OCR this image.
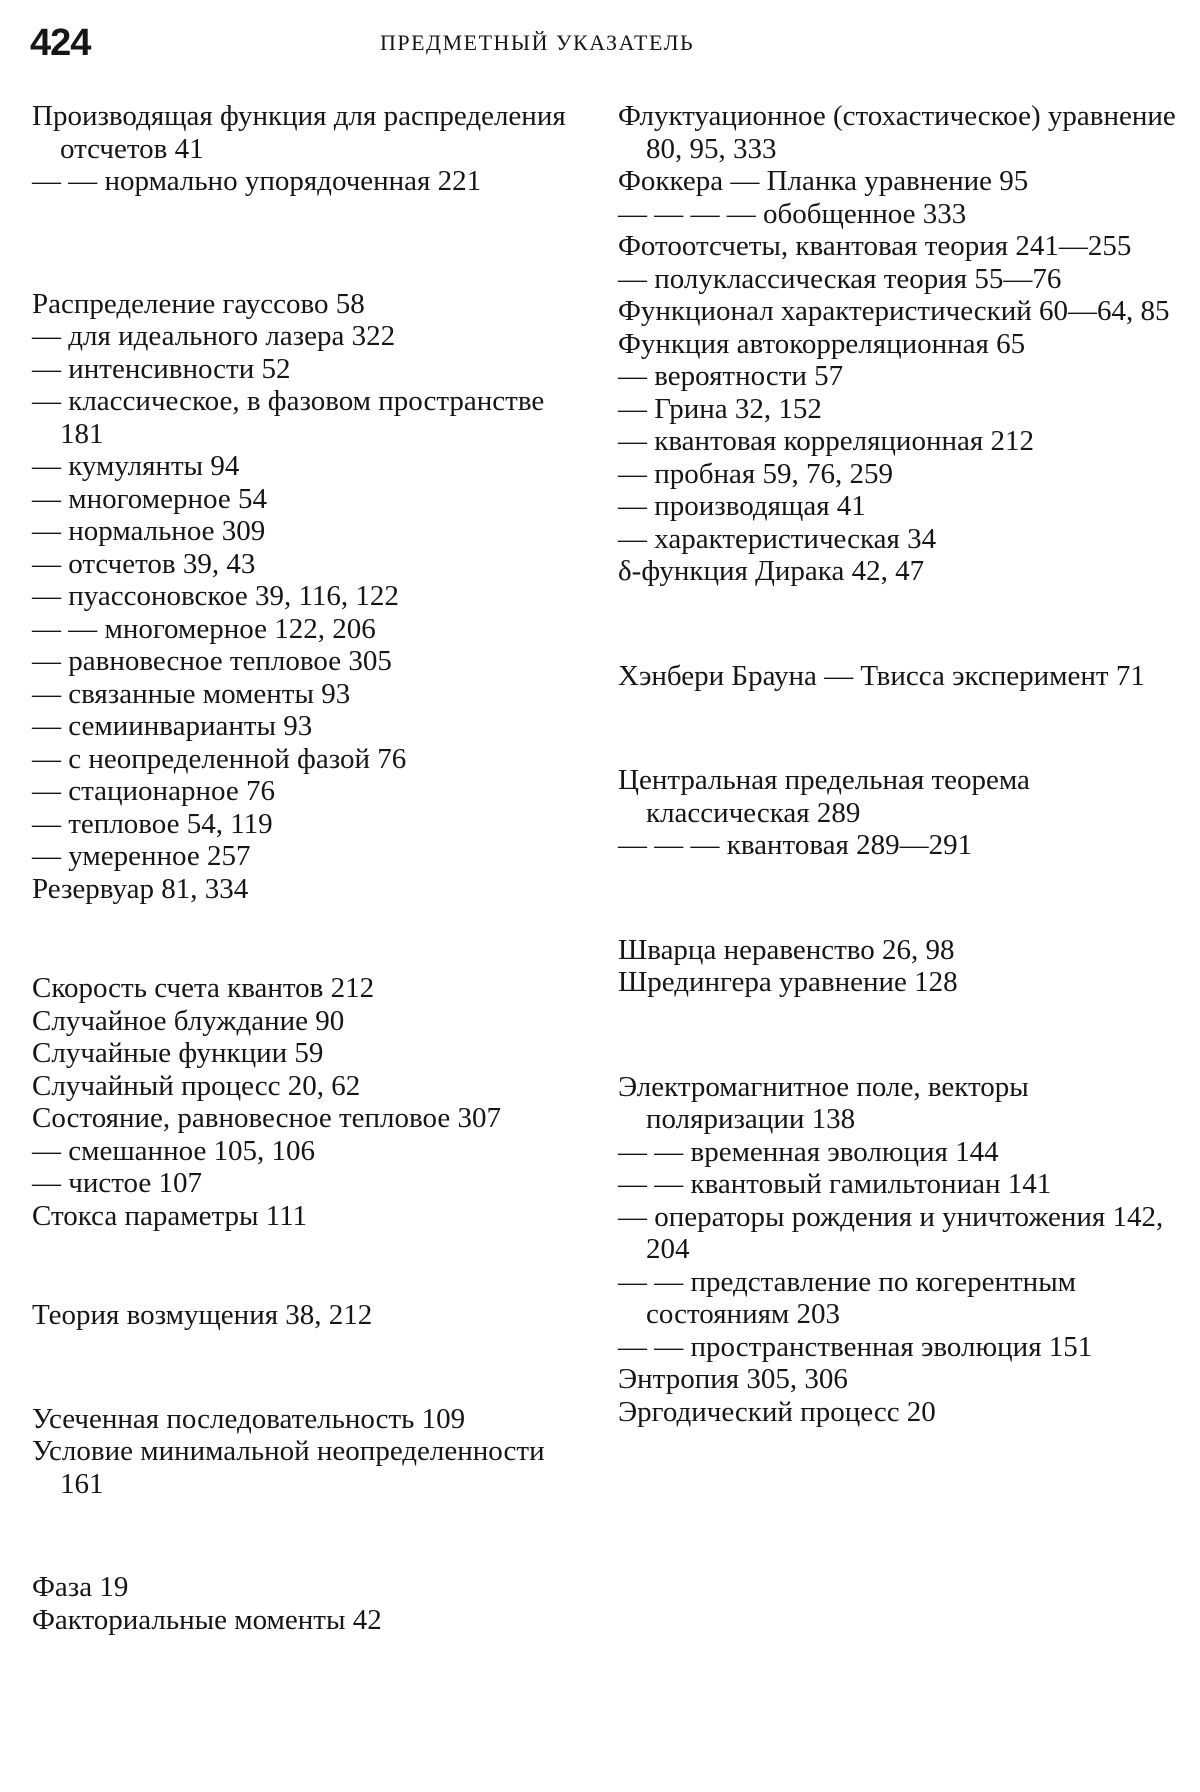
424	ПРЕДМЕТНЫЙ УКАЗАТЕЛЬ
Производящая функция для распределения отсчетов 41
— — нормально упорядоченная 221
Распределение гауссово 58
— для идеального лазера 322
— интенсивности 52
— классическое, в фазовом пространстве 181
— кумулянты 94
— многомерное 54
— нормальное 309
— отсчетов 39, 43
— пуассоновское 39, 116, 122
— — многомерное 122, 206
— равновесное тепловое 305
— связанные моменты 93
— семиинварианты 93
— с неопределенной фазой 76
— стационарное 76
— тепловое 54, 119
— умеренное 257
Резервуар 81, 334
Скорость счета квантов 212
Случайное блуждание 90
Случайные функции 59
Случайный процесс 20, 62
Состояние, равновесное тепловое 307
— смешанное 105, 106
— чистое 107
Стокса параметры 111
Теория возмущения 38, 212
Усеченная последовательность 109
Условие минимальной неопределенности 161
Фаза 19
Факториальные моменты 42
Флуктуационное (стохастическое) уравнение 80, 95, 333
Фоккера — Планка уравнение 95
— — — — обобщенное 333
Фотоотсчеты, квантовая теория 241—255
— полуклассическая теория 55—76
Функционал характеристический 60—64, 85
Функция автокорреляционная 65
— вероятности 57
— Грина 32, 152
— квантовая корреляционная 212
— пробная 59, 76, 259
— производящая 41
— характеристическая 34
δ-функция Дирака 42, 47
Хэнбери Брауна — Твисса эксперимент 71
Центральная предельная теорема классическая 289
— — — квантовая 289—291
Шварца неравенство 26, 98
Шредингера уравнение 128
Электромагнитное поле, векторы поляризации 138
— — временная эволюция 144
— — квантовый гамильтониан 141
— операторы рождения и уничтожения 142, 204
— — представление по когерентным состояниям 203
— — пространственная эволюция 151
Энтропия 305, 306
Эргодический процесс 20
